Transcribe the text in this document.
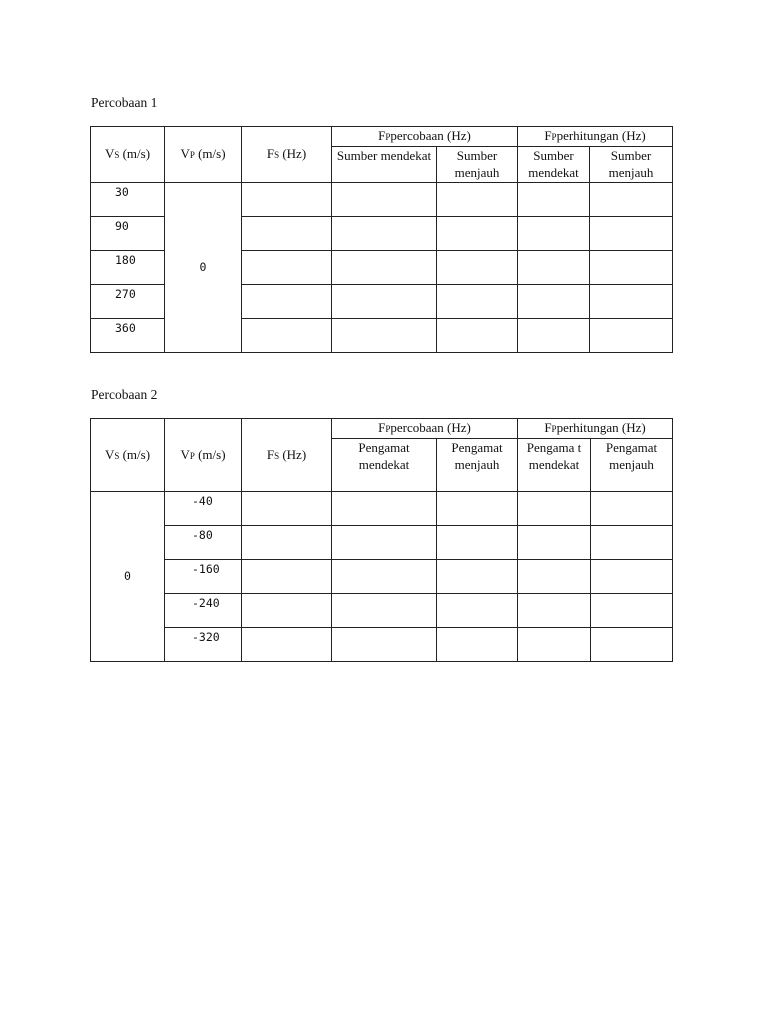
Percobaan 1
VS (m/s)	VP (m/s)	FS (Hz)	FPpercobaan (Hz)		FPperhitungan (Hz)	
			Sumber mendekat	Sumber menjauh	Sumber mendekat	Sumber menjauh
30	0					
90						
180						
270						
360						
Percobaan 2
VS (m/s)	VP (m/s)	FS (Hz)	FPpercobaan (Hz)		FPperhitungan (Hz)	
			Pengamat mendekat	Pengamat menjauh	Pengama t mendekat	Pengamat menjauh
0	-40					
	-80					
	-160					
	-240					
	-320					
